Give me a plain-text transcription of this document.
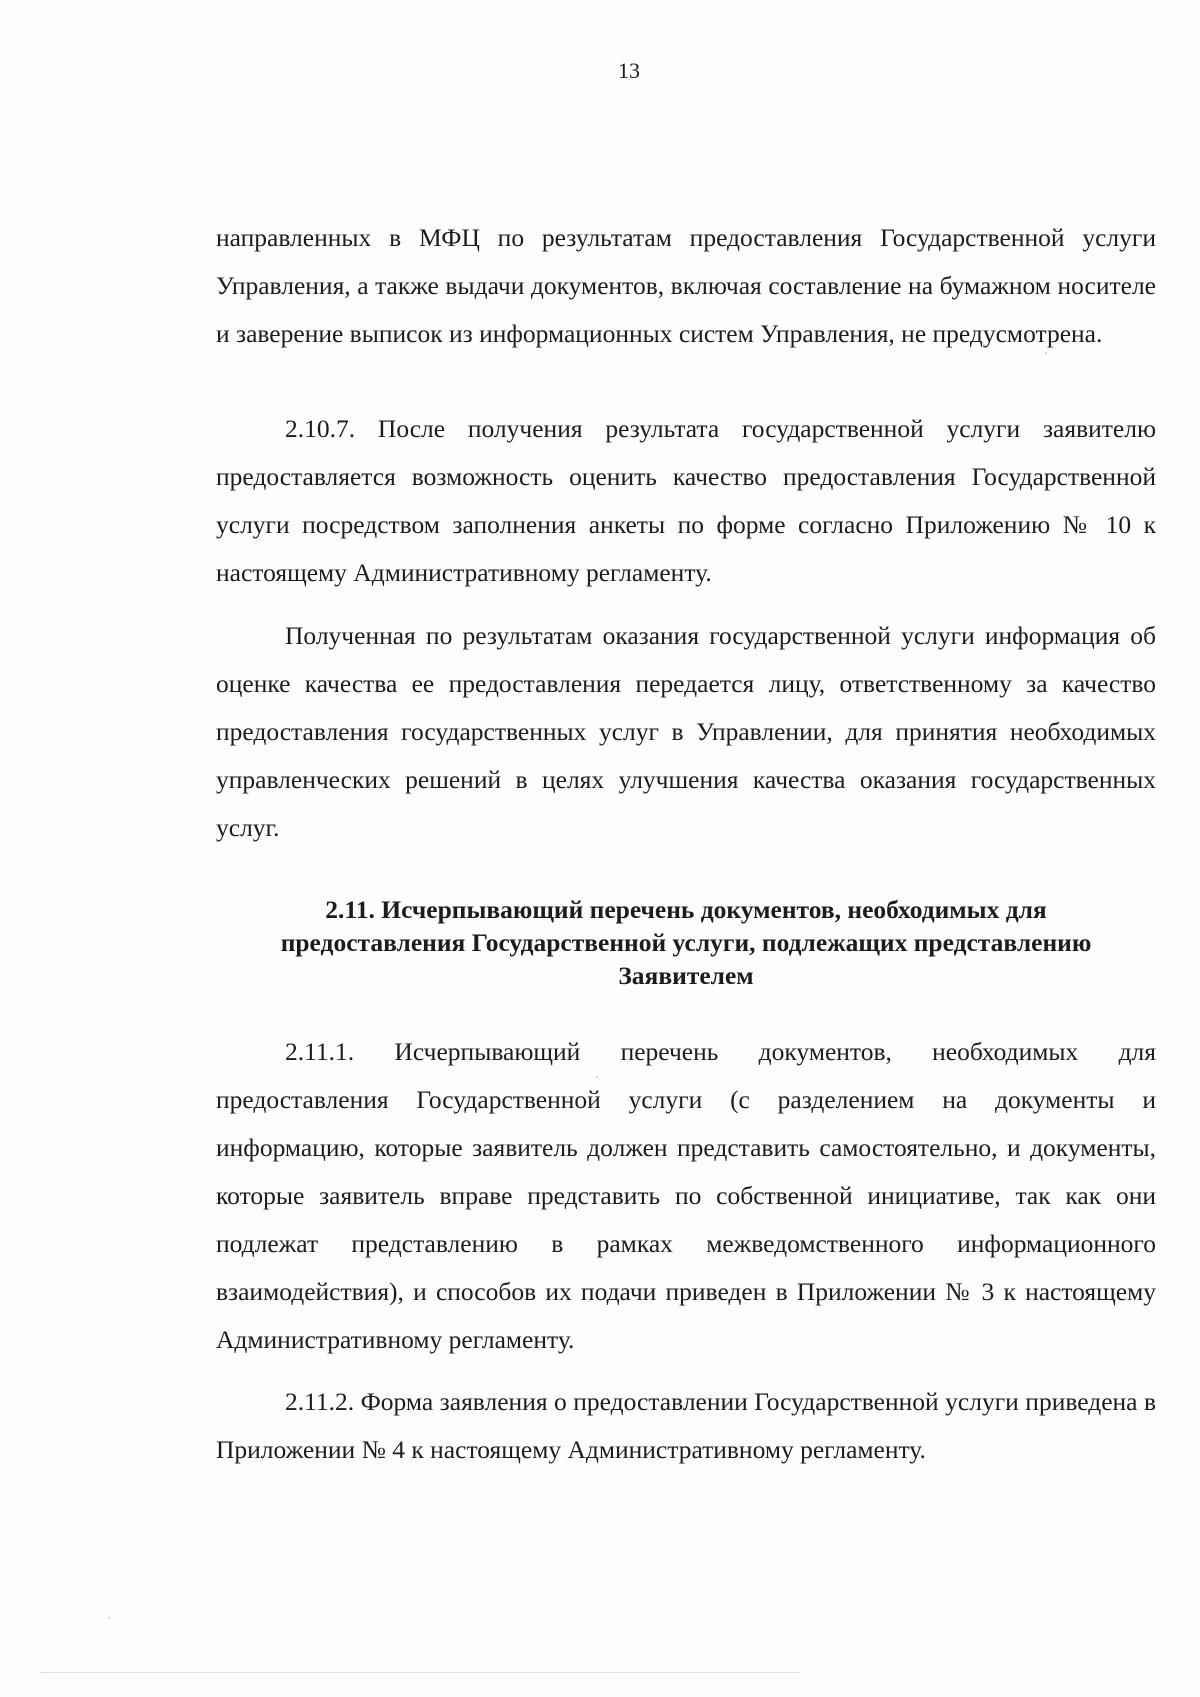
13

направленных в МФЦ по результатам предоставления Государственной услуги Управления, а также выдачи документов, включая составление на бумажном носителе и заверение выписок из информационных систем Управления, не предусмотрена.

2.10.7. После получения результата государственной услуги заявителю предоставляется возможность оценить качество предоставления Государственной услуги посредством заполнения анкеты по форме согласно Приложению № 10 к настоящему Административному регламенту.

Полученная по результатам оказания государственной услуги информация об оценке качества ее предоставления передается лицу, ответственному за качество предоставления государственных услуг в Управлении, для принятия необходимых управленческих решений в целях улучшения качества оказания государственных услуг.

2.11. Исчерпывающий перечень документов, необходимых для
предоставления Государственной услуги, подлежащих представлению
Заявителем

2.11.1. Исчерпывающий перечень документов, необходимых для предоставления Государственной услуги (с разделением на документы и информацию, которые заявитель должен представить самостоятельно, и документы, которые заявитель вправе представить по собственной инициативе, так как они подлежат представлению в рамках межведомственного информационного взаимодействия), и способов их подачи приведен в Приложении № 3 к настоящему Административному регламенту.

2.11.2. Форма заявления о предоставлении Государственной услуги приведена в Приложении № 4 к настоящему Административному регламенту.
